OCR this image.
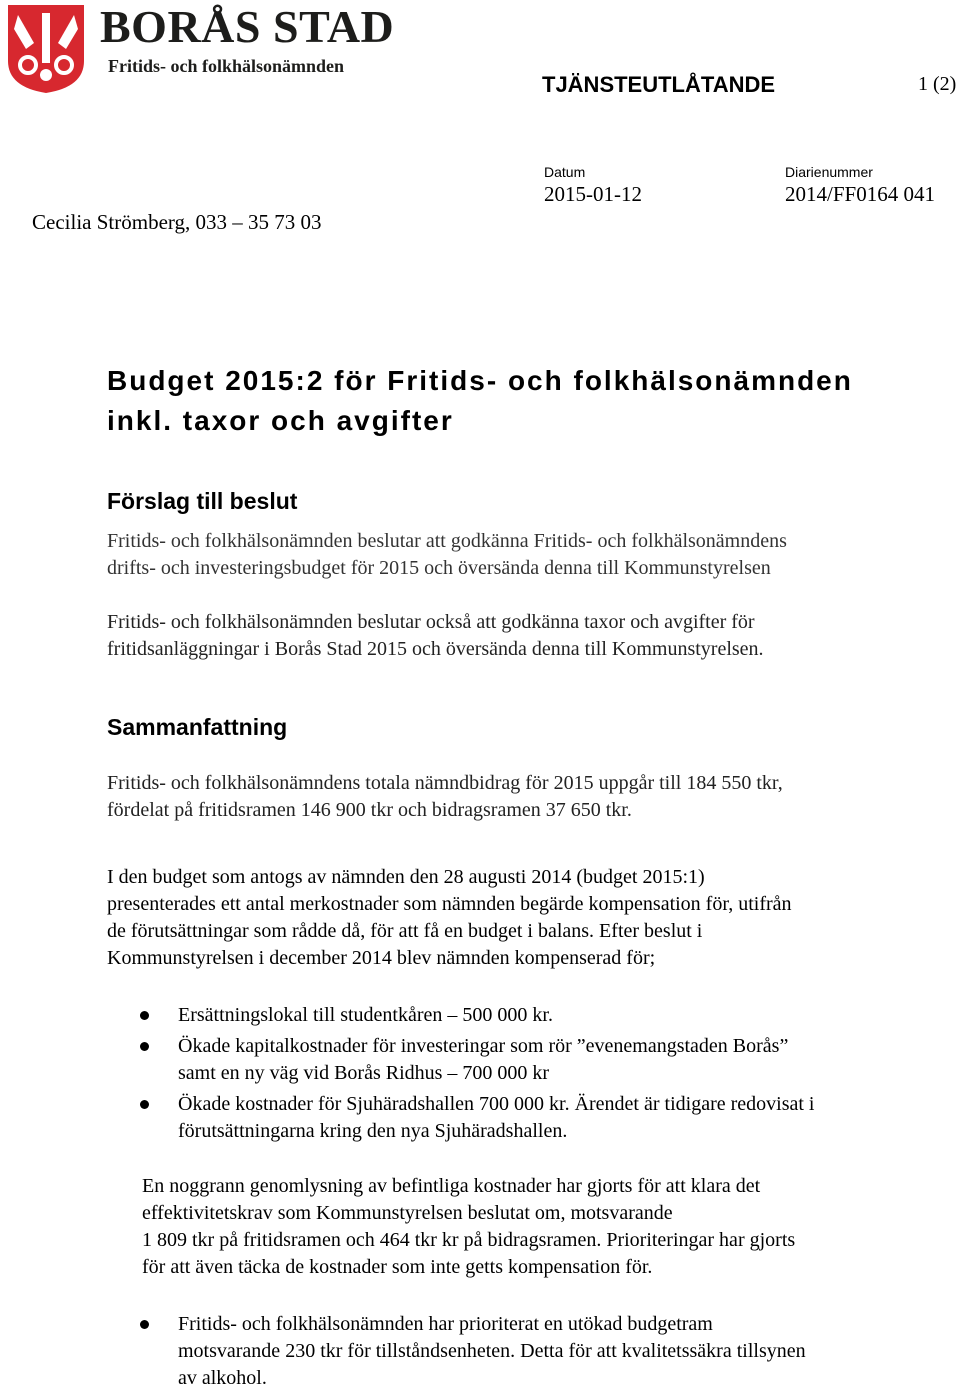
BORÅS STAD
Fritids- och folkhälsonämnden
TJÄNSTEUTLÅTANDE	1 (2)
Datum
2015-01-12
Diarienummer
2014/FF0164 041
Cecilia Strömberg, 033 – 35 73 03
Budget 2015:2 för Fritids- och folkhälsonämnden
inkl. taxor och avgifter
Förslag till beslut
Fritids- och folkhälsonämnden beslutar att godkänna Fritids- och folkhälsonämndens
drifts- och investeringsbudget för 2015 och översända denna till Kommunstyrelsen
Fritids- och folkhälsonämnden beslutar också att godkänna taxor och avgifter för
fritidsanläggningar i Borås Stad 2015 och översända denna till Kommunstyrelsen.
Sammanfattning
Fritids- och folkhälsonämndens totala nämndbidrag för 2015 uppgår till 184 550 tkr,
fördelat på fritidsramen 146 900 tkr och bidragsramen 37 650 tkr.
I den budget som antogs av nämnden den 28 augusti 2014 (budget 2015:1)
presenterades ett antal merkostnader som nämnden begärde kompensation för, utifrån
de förutsättningar som rådde då, för att få en budget i balans. Efter beslut i
Kommunstyrelsen i december 2014 blev nämnden kompenserad för;
Ersättningslokal till studentkåren – 500 000 kr.
Ökade kapitalkostnader för investeringar som rör ”evenemangstaden Borås”
samt en ny väg vid Borås Ridhus – 700 000 kr
Ökade kostnader för Sjuhäradshallen 700 000 kr. Ärendet är tidigare redovisat i
förutsättningarna kring den nya Sjuhäradshallen.
En noggrann genomlysning av befintliga kostnader har gjorts för att klara det
effektivitetskrav som Kommunstyrelsen beslutat om, motsvarande
1 809 tkr på fritidsramen och 464 tkr kr på bidragsramen. Prioriteringar har gjorts
för att även täcka de kostnader som inte getts kompensation för.
Fritids- och folkhälsonämnden har prioriterat en utökad budgetram
motsvarande 230 tkr för tillståndsenheten. Detta för att kvalitetssäkra tillsynen
av alkohol.
